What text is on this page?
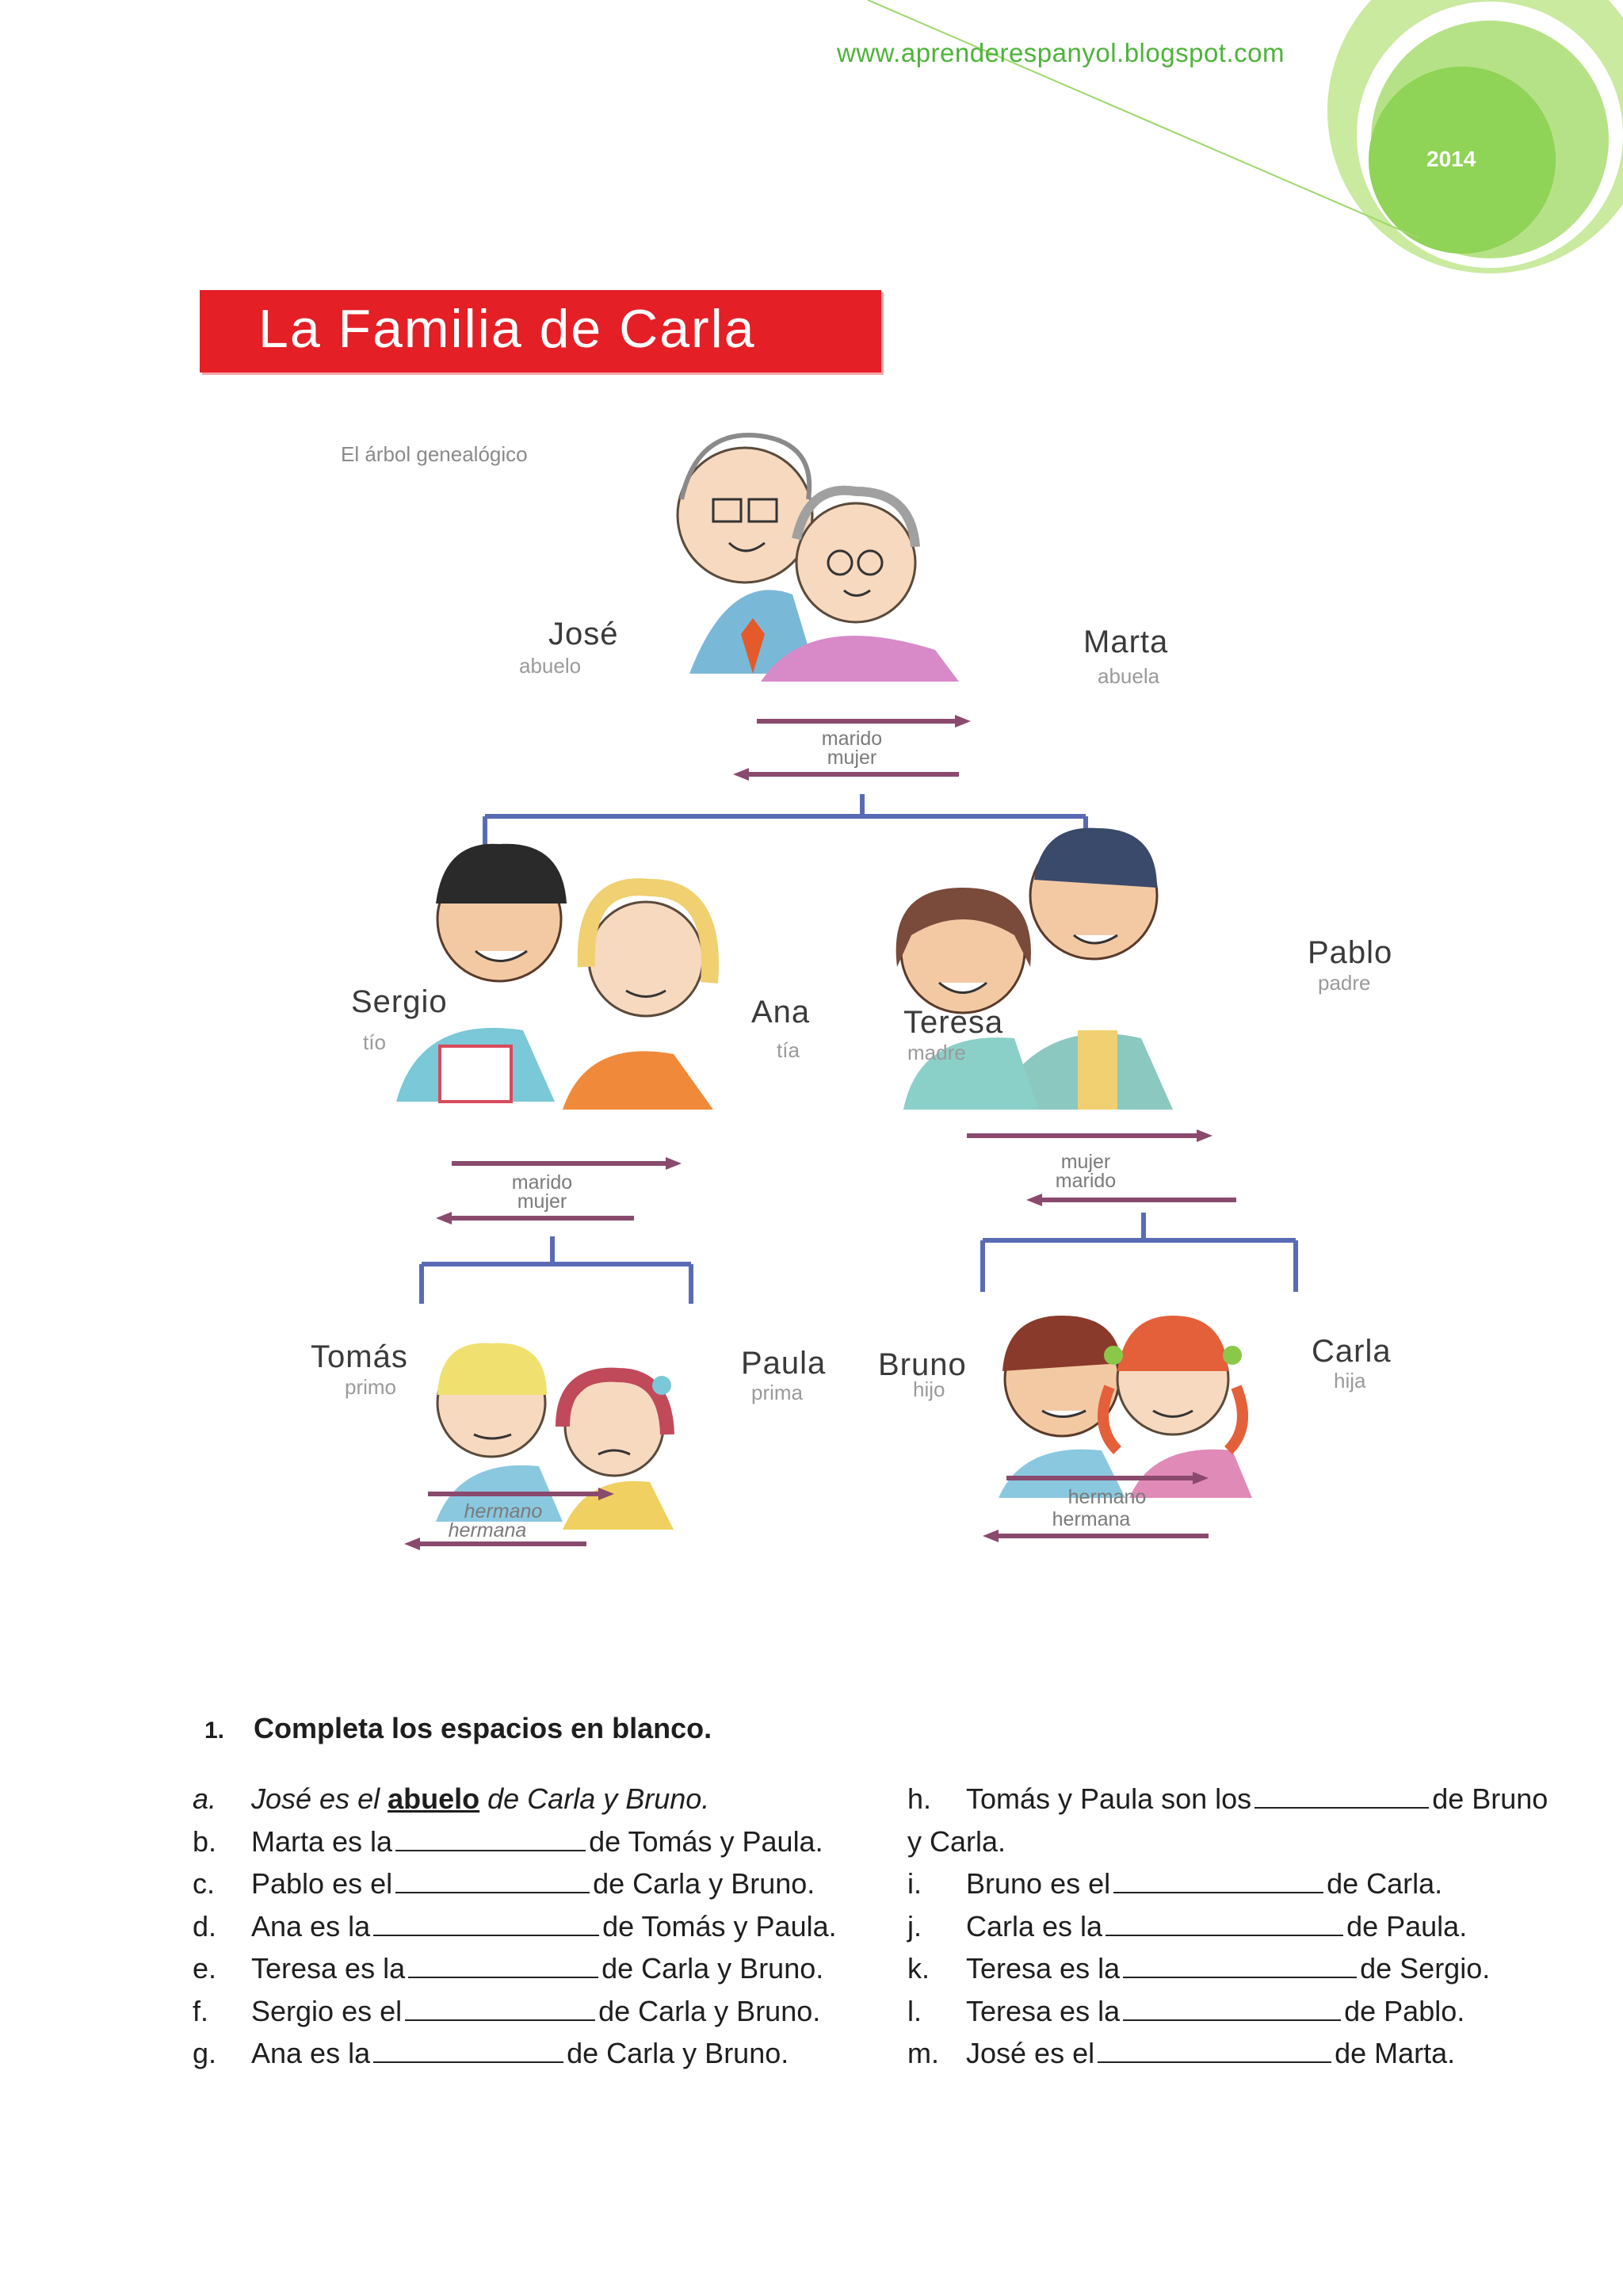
www.aprenderespanyol.blogspot.com
2014
La Familia de Carla
El árbol genealógico
José
abuelo
Marta
abuela
Sergio
tío
Ana
tía
Teresa
madre
Pablo
padre
Tomás
primo
Paula
prima
Bruno
hijo
Carla
hija
marido
mujer
marido
mujer
mujer
marido
hermano
hermana
hermano
hermana
1. Completa los espacios en blanco.
a. José es el abuelo de Carla y Bruno.
b. Marta es la	de Tomás y Paula.
c. Pablo es el	de Carla y Bruno.
d. Ana es la	de Tomás y Paula.
e. Teresa es la	de Carla y Bruno.
f. Sergio es el	de Carla y Bruno.
g. Ana es la	de Carla y Bruno.
h. Tomás y Paula son los	de Bruno
y Carla.
i. Bruno es el	de Carla.
j. Carla es la	de Paula.
k. Teresa es la	de Sergio.
l. Teresa es la	de Pablo.
m. José es el	de Marta.
